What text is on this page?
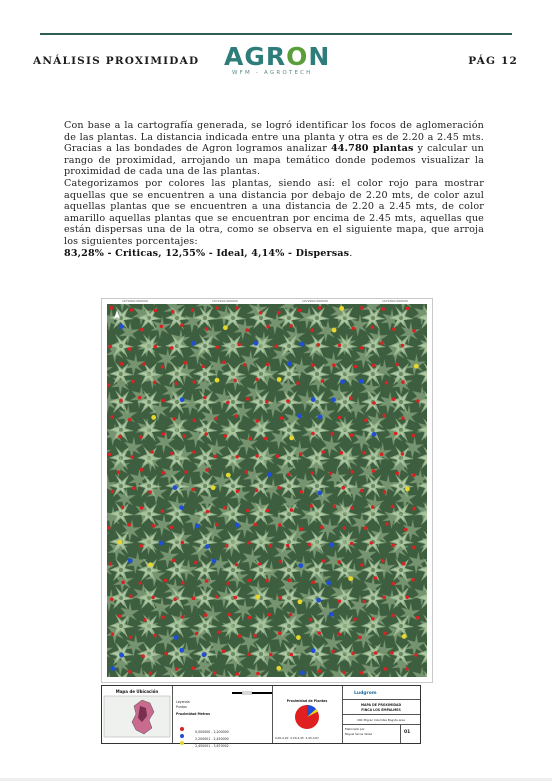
ANÁLISIS PROXIMIDAD AGRON
WFM - AGROTECH
PÁG 12

Con base a la cartografía generada, se logró identificar los focos de aglomeración de las plantas. La distancia indicada entre una planta y otra es de 2.20 a 2.45 mts. Gracias a las bondades de Agron logramos analizar 44.780 plantas y calcular un rango de proximidad, arrojando un mapa temático donde podemos visualizar la proximidad de cada una de las plantas.

Categorizamos por colores las plantas, siendo así: el color rojo para mostrar aquellas que se encuentren a una distancia por debajo de 2.20 mts, de color azul aquellas plantas que se encuentren a una distancia de 2.20 a 2.45 mts, de color amarillo aquellas plantas que se encuentran por encima de 2.45 mts, aquellas que están dispersas una de la otra, como se observa en el siguiente mapa, que arroja los siguientes porcentajes:
83,28% - Criticas, 12,55% - Ideal, 4,14% - Dispersas.

1072000.000000	1072100.000000	1072200.000000	1072300.000000
Mapa de Ubicación
Leyenda
Puntos
Proximidad Metros
0,000000 - 2,200000
2,200001 - 2,450000
2,450001 - 3,670002
Proximidad de Plantas
0,00-2,20 2,20-2,45 2,45-3,67
Ludgrom
MAPA DE PROXIMIDAD
FINCA LOS EMPALMES
CRC Migrac Colombia Bogota area
Elaborado por
Miguel Serna Yañez	01
